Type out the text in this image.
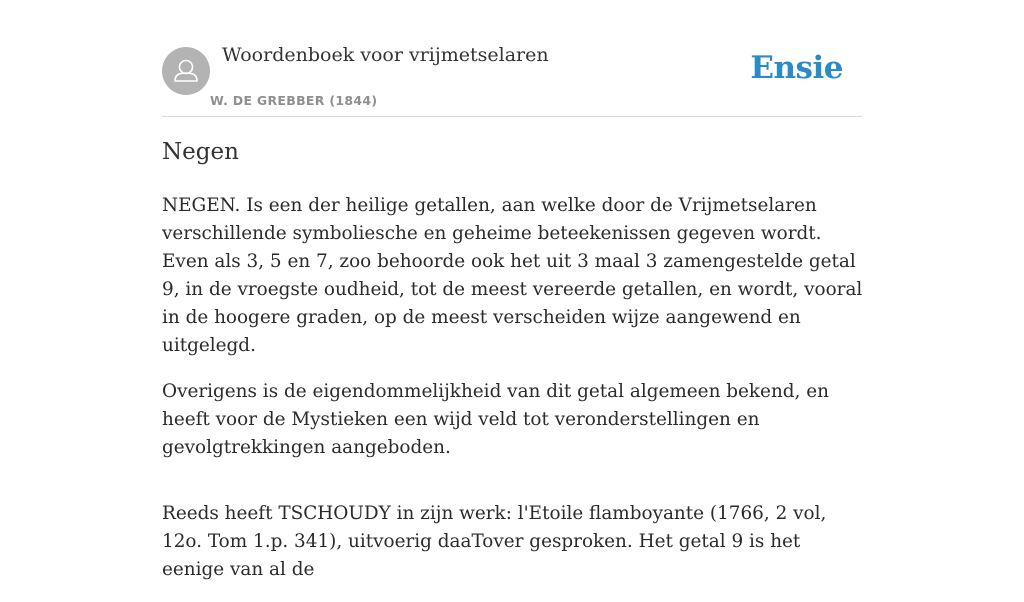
Woordenboek voor vrijmetselaren
W. DE GREBBER (1844)
Ensie
Negen

NEGEN. Is een der heilige getallen, aan welke door de Vrijmetselaren verschillende symboliesche en geheime beteekenissen gegeven wordt. Even als 3, 5 en 7, zoo behoorde ook het uit 3 maal 3 zamengestelde getal 9, in de vroegste oudheid, tot de meest vereerde getallen, en wordt, vooral in de hoogere graden, op de meest verscheiden wijze aangewend en uitgelegd.

Overigens is de eigendommelijkheid van dit getal algemeen bekend, en heeft voor de Mystieken een wijd veld tot veronderstellingen en gevolgtrekkingen aangeboden.

Reeds heeft TSCHOUDY in zijn werk: l'Etoile flamboyante (1766, 2 vol, 12o. Tom 1.p. 341), uitvoerig daaTover gesproken. Het getal 9 is het eenige van al de
